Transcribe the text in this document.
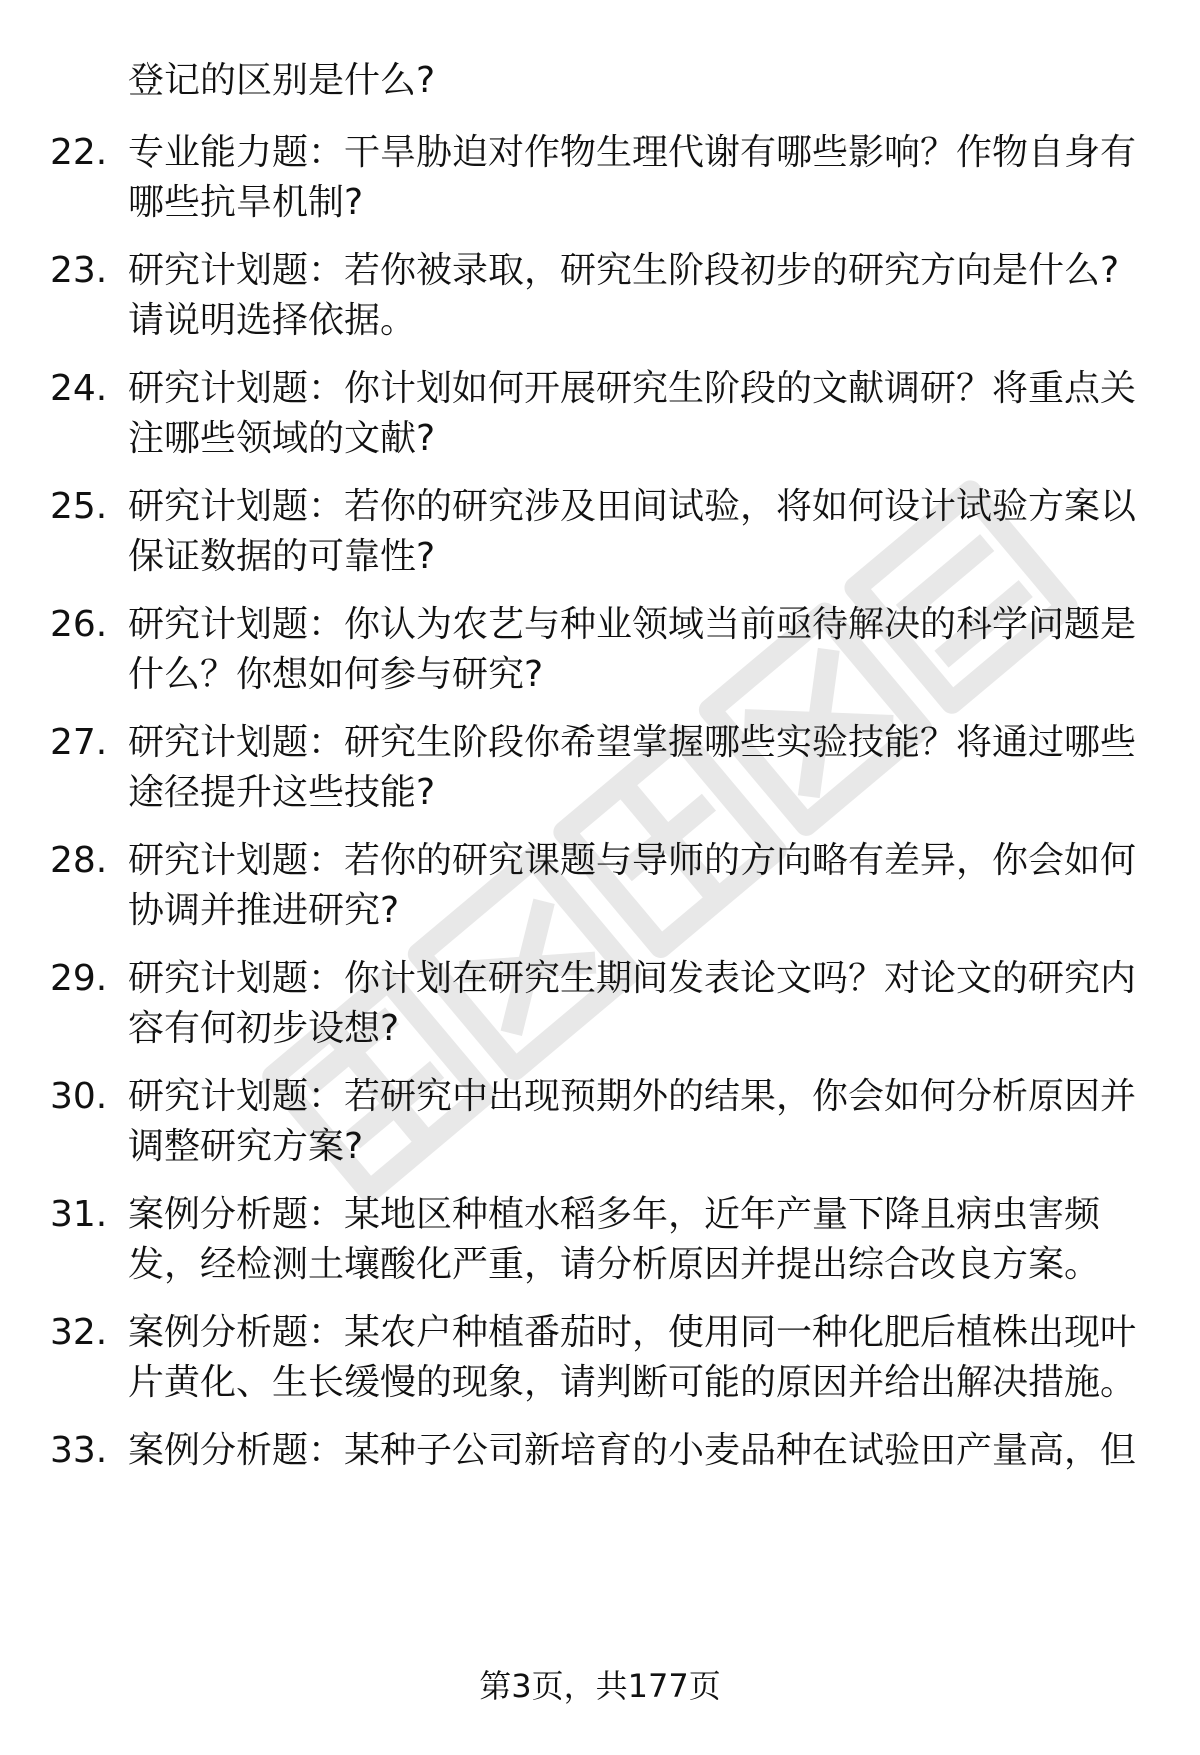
登记的区别是什么?
22. 专业能力题：干旱胁迫对作物生理代谢有哪些影响？作物自身有
哪些抗旱机制?
23. 研究计划题：若你被录取，研究生阶段初步的研究方向是什么?
请说明选择依据。
24. 研究计划题：你计划如何开展研究生阶段的文献调研？将重点关
注哪些领域的文献?
25. 研究计划题：若你的研究涉及田间试验，将如何设计试验方案以
保证数据的可靠性?
26. 研究计划题：你认为农艺与种业领域当前亟待解决的科学问题是
什么？你想如何参与研究?
27. 研究计划题：研究生阶段你希望掌握哪些实验技能？将通过哪些
途径提升这些技能?
28. 研究计划题：若你的研究课题与导师的方向略有差异，你会如何
协调并推进研究?
29. 研究计划题：你计划在研究生期间发表论文吗？对论文的研究内
容有何初步设想?
30. 研究计划题：若研究中出现预期外的结果，你会如何分析原因并
调整研究方案?
31. 案例分析题：某地区种植水稻多年，近年产量下降且病虫害频
发，经检测土壤酸化严重，请分析原因并提出综合改良方案。
32. 案例分析题：某农户种植番茄时，使用同一种化肥后植株出现叶
片黄化、生长缓慢的现象，请判断可能的原因并给出解决措施。
33. 案例分析题：某种子公司新培育的小麦品种在试验田产量高，但
第3页，共177页
